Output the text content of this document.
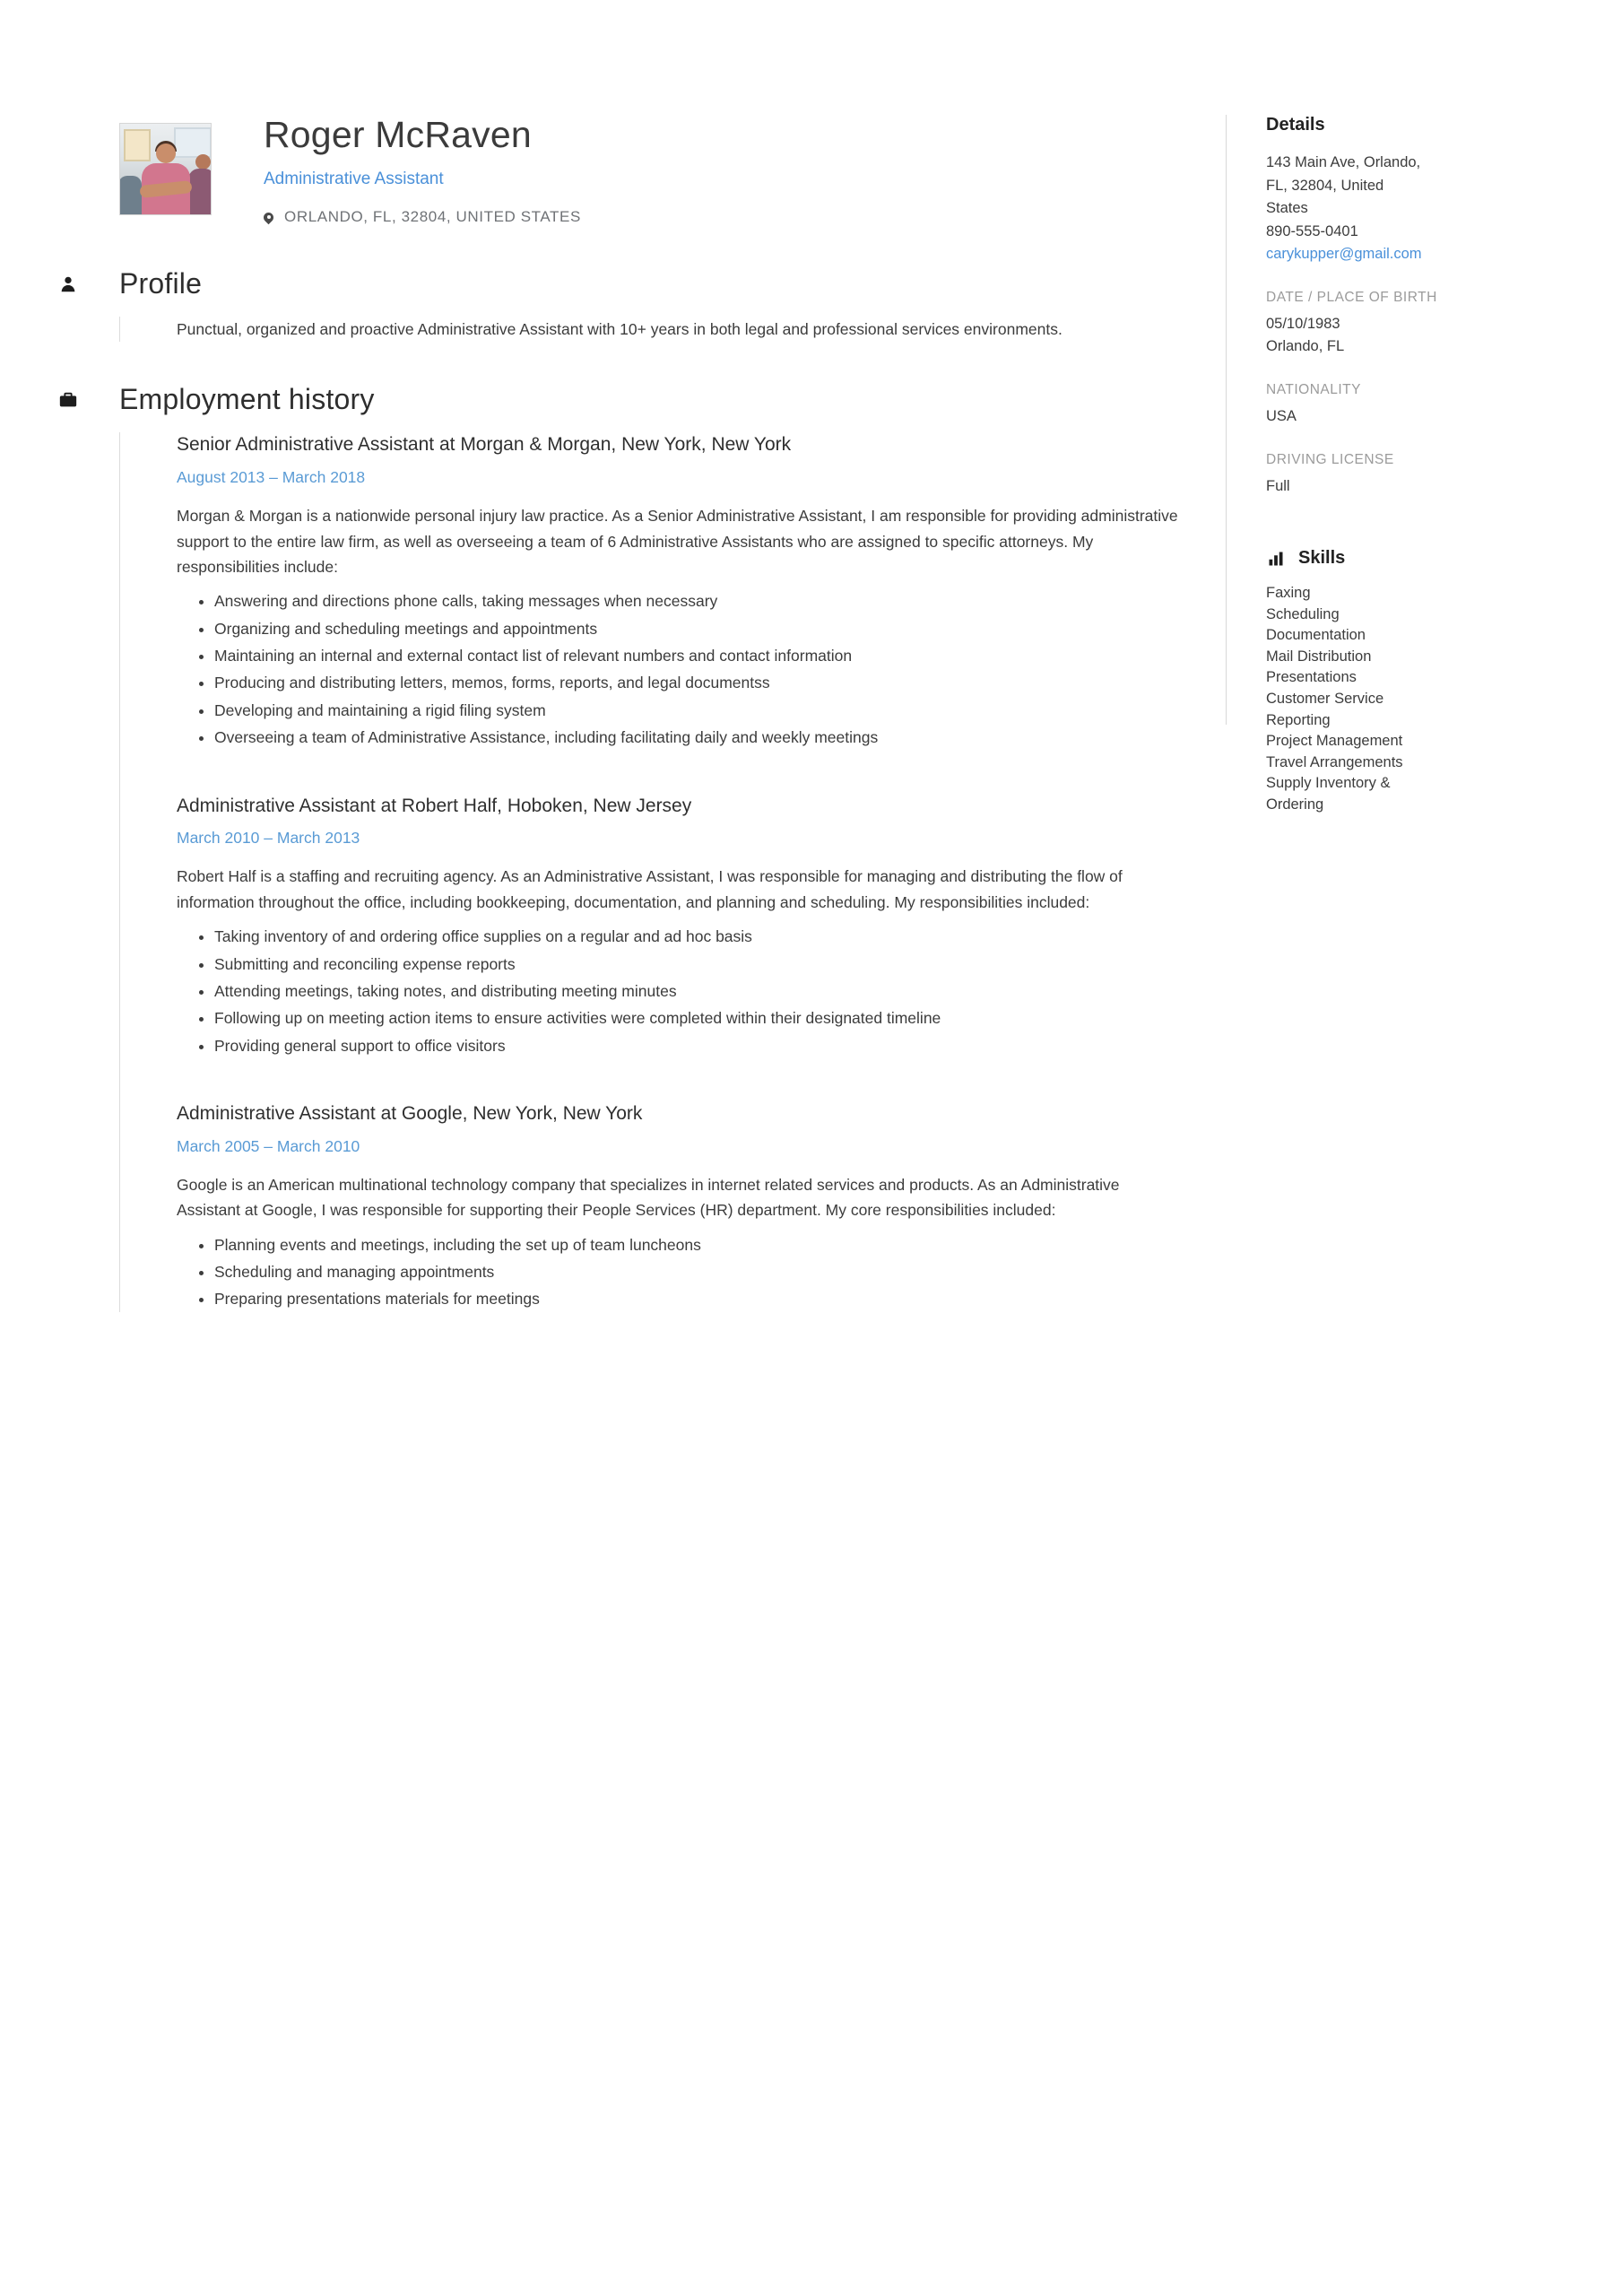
Roger McRaven
Administrative Assistant
ORLANDO, FL, 32804, UNITED STATES
Profile
Punctual, organized and proactive Administrative Assistant with 10+ years in both legal and professional services environments.
Employment history
Senior Administrative Assistant at Morgan & Morgan, New York, New York
August 2013 – March 2018
Morgan & Morgan is a nationwide personal injury law practice. As a Senior Administrative Assistant, I am responsible for providing administrative support to the entire law firm, as well as overseeing a team of 6 Administrative Assistants who are assigned to specific attorneys. My responsibilities include:
• Answering and directions phone calls, taking messages when necessary
• Organizing and scheduling meetings and appointments
• Maintaining an internal and external contact list of relevant numbers and contact information
• Producing and distributing letters, memos, forms, reports, and legal documentss
• Developing and maintaining a rigid filing system
• Overseeing a team of Administrative Assistance, including facilitating daily and weekly meetings
Administrative Assistant at Robert Half, Hoboken, New Jersey
March 2010 – March 2013
Robert Half is a staffing and recruiting agency. As an Administrative Assistant, I was responsible for managing and distributing the flow of information throughout the office, including bookkeeping, documentation, and planning and scheduling. My responsibilities included:
• Taking inventory of and ordering office supplies on a regular and ad hoc basis
• Submitting and reconciling expense reports
• Attending meetings, taking notes, and distributing meeting minutes
• Following up on meeting action items to ensure activities were completed within their designated timeline
• Providing general support to office visitors
Administrative Assistant at Google, New York, New York
March 2005 – March 2010
Google is an American multinational technology company that specializes in internet related services and products. As an Administrative Assistant at Google, I was responsible for supporting their People Services (HR) department. My core responsibilities included:
• Planning events and meetings, including the set up of team luncheons
• Scheduling and managing appointments
• Preparing presentations materials for meetings
Details
143 Main Ave, Orlando,
FL, 32804, United
States
890-555-0401
carykupper@gmail.com
DATE / PLACE OF BIRTH
05/10/1983
Orlando, FL
NATIONALITY
USA
DRIVING LICENSE
Full
Skills
Faxing
Scheduling
Documentation
Mail Distribution
Presentations
Customer Service
Reporting
Project Management
Travel Arrangements
Supply Inventory &
Ordering
